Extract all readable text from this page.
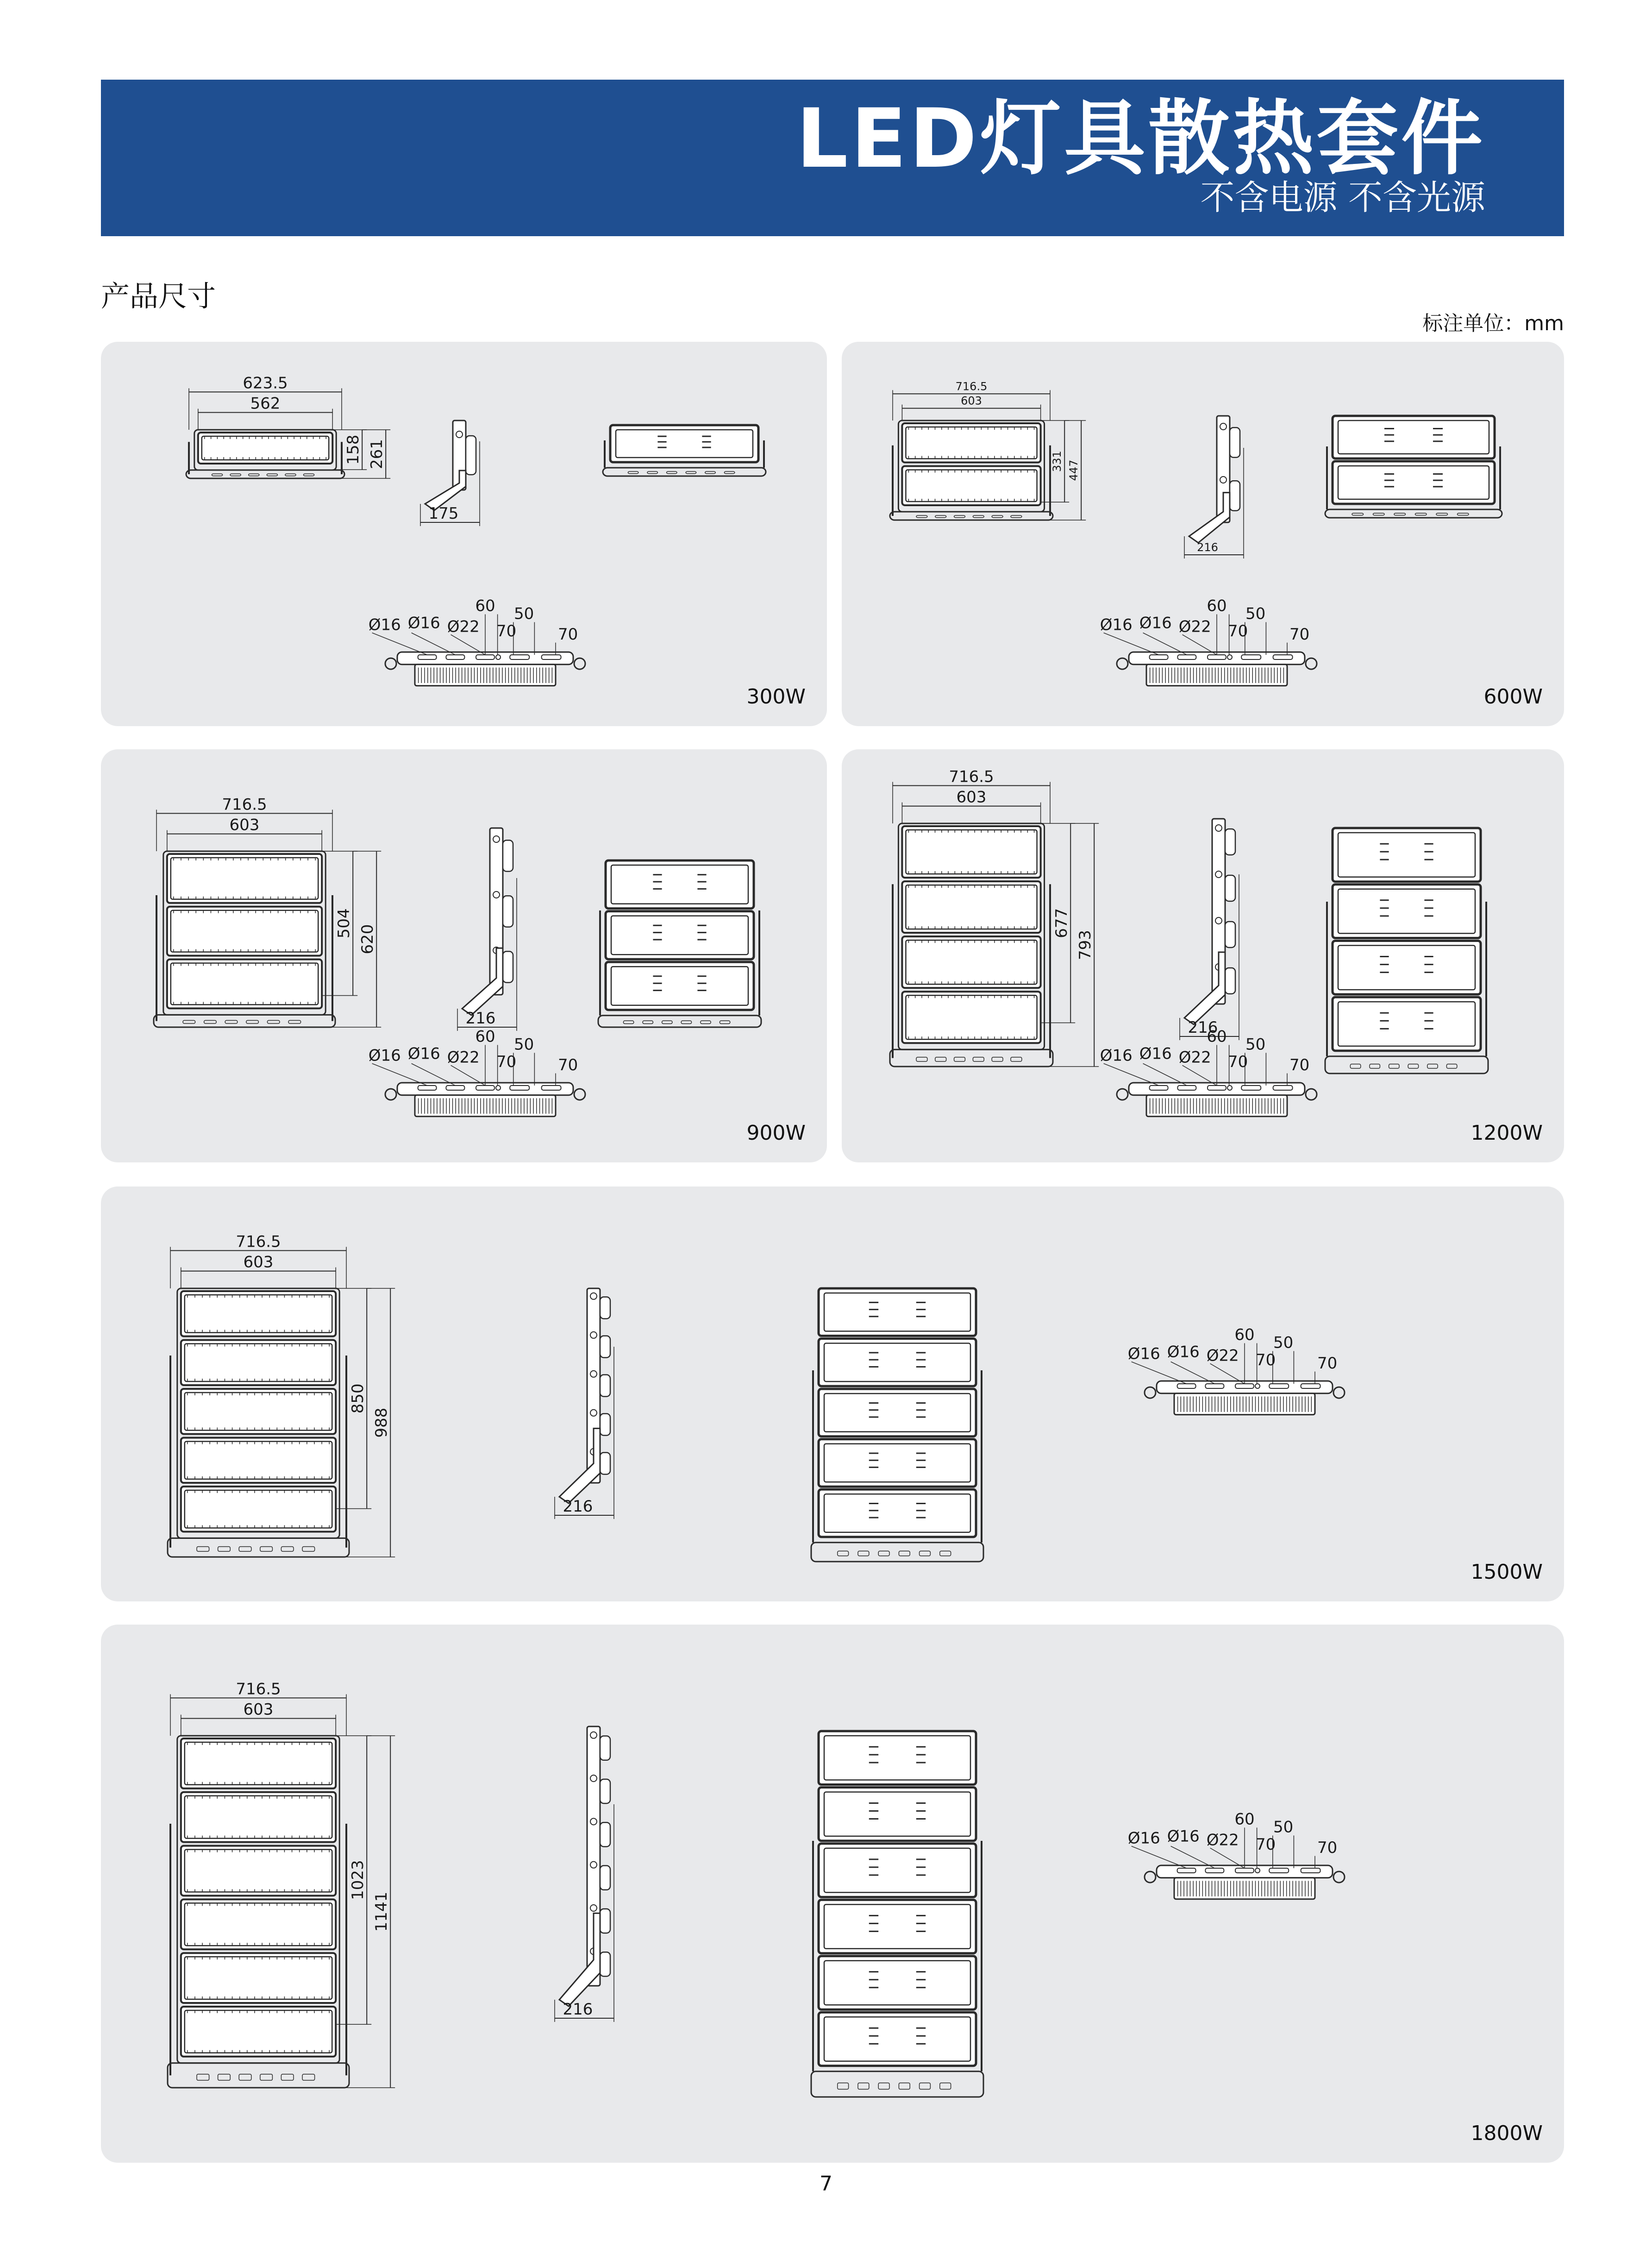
LED灯具散热套件
不含电源 不含光源
产品尺寸
标注单位：mm
623.5
562
158 261
175
Ø16 Ø16 Ø22
60 50
70	70
300W
716.5
603
331 447
216
Ø16 Ø16 Ø22
60 50
70	70
600W
716.5
603
504
620
216
Ø16 Ø16 Ø22
60 50
70	70
900W
716.5
603
677
793
216
Ø16 Ø16 Ø22
60 50
70	70
1200W
716.5
603
850
988
216
Ø16 Ø16 Ø22
60 50
70	70
1500W
716.5
603
1023
1141
216
Ø16 Ø16 Ø22
60 50
70	70
1800W
7
